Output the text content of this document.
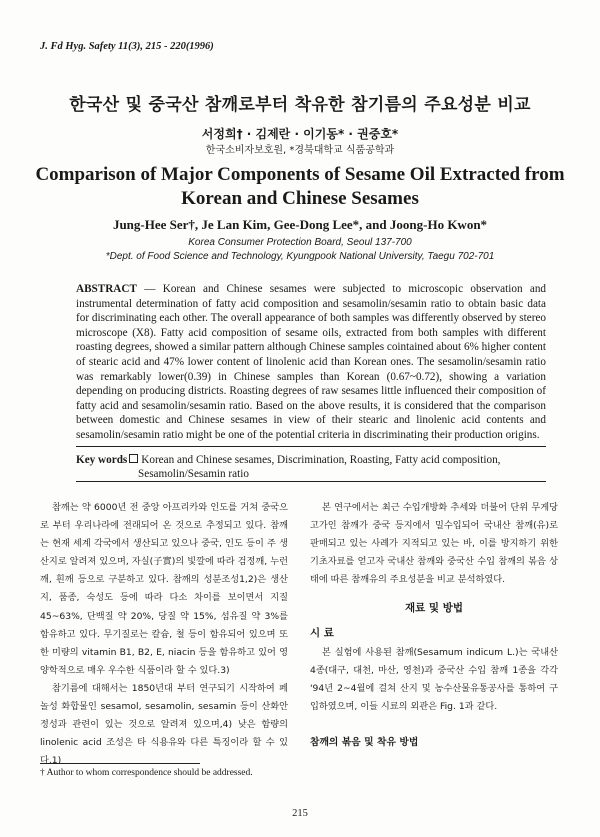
J. Fd Hyg. Safety 11(3), 215 - 220(1996)
한국산 및 중국산 참깨로부터 착유한 참기름의 주요성분 비교
서정희† · 김제란 · 이기동* · 권중호*
한국소비자보호원, *경북대학교 식품공학과
Comparison of Major Components of Sesame Oil Extracted from
Korean and Chinese Sesames
Jung-Hee Ser†, Je Lan Kim, Gee-Dong Lee*, and Joong-Ho Kwon*
Korea Consumer Protection Board, Seoul 137-700
*Dept. of Food Science and Technology, Kyungpook National University, Taegu 702-701

ABSTRACT — Korean and Chinese sesames were subjected to microscopic observation and instrumental determination of fatty acid composition and sesamolin/sesamin ratio to obtain basic data for discriminating each other. The overall appearance of both samples was differently observed by stereo microscope (X8). Fatty acid composition of sesame oils, extracted from both samples with different roasting degrees, showed a similar pattern although Chinese samples cointained about 6% higher content of stearic acid and 47% lower content of linolenic acid than Korean ones. The sesamolin/sesamin ratio was remarkably lower(0.39) in Chinese samples than Korean (0.67~0.72), showing a variation depending on producing districts. Roasting degrees of raw sesames little influenced their composition of fatty acid and sesamolin/sesamin ratio. Based on the above results, it is considered that the comparison between domestic and Chinese sesames in view of their stearic and linolenic acid contents and sesamolin/sesamin ratio might be one of the potential criteria in discriminating their production origins.

Key words Korean and Chinese sesames, Discrimination, Roasting, Fatty acid composition,
Sesamolin/Sesamin ratio

참깨는 약 6000년 전 중앙 아프리카와 인도를 거쳐 중국으로 부터 우리나라에 전래되어 온 것으로 추정되고 있다. 참깨는 현재 세계 각국에서 생산되고 있으나 중국, 인도 등이 주 생산지로 알려져 있으며, 자실(子實)의 빛깔에 따라 검정깨, 누런깨, 흰깨 등으로 구분하고 있다. 참깨의 성분조성1,2)은 생산지, 품종, 숙성도 등에 따라 다소 차이를 보이면서 지질 45~63%, 단백질 약 20%, 당질 약 15%, 섬유질 약 3%를 함유하고 있다. 무기질로는 칼슘, 철 등이 함유되어 있으며 또한 미량의 vitamin B1, B2, E, niacin 등을 함유하고 있어 영양학적으로 매우 우수한 식품이라 할 수 있다.3)

참기름에 대해서는 1850년대 부터 연구되기 시작하여 페놀성 화합물인 sesamol, sesamolin, sesamin 등이 산화안정성과 관련이 있는 것으로 알려져 있으며,4) 낮은 함량의 linolenic acid 조성은 타 식용유와 다른 특징이라 할 수 있다.1)

본 연구에서는 최근 수입개방화 추세와 더불어 단위 무게당 고가인 참깨가 중국 등지에서 밀수입되어 국내산 참깨(유)로 판매되고 있는 사례가 지적되고 있는 바, 이를 방지하기 위한 기초자료를 얻고자 국내산 참깨와 중국산 수입 참깨의 볶음 상태에 따른 참깨유의 주요성분을 비교 분석하였다.

재료 및 방법
시 료

본 실험에 사용된 참깨(Sesamum indicum L.)는 국내산 4종(대구, 대천, 마산, 영천)과 중국산 수입 참깨 1종을 각각 '94년 2~4월에 걸쳐 산지 및 농수산물유통공사를 통하여 구입하였으며, 이들 시료의 외관은 Fig. 1과 같다.

참깨의 볶음 및 착유 방법
† Author to whom correspondence should be addressed.
215
